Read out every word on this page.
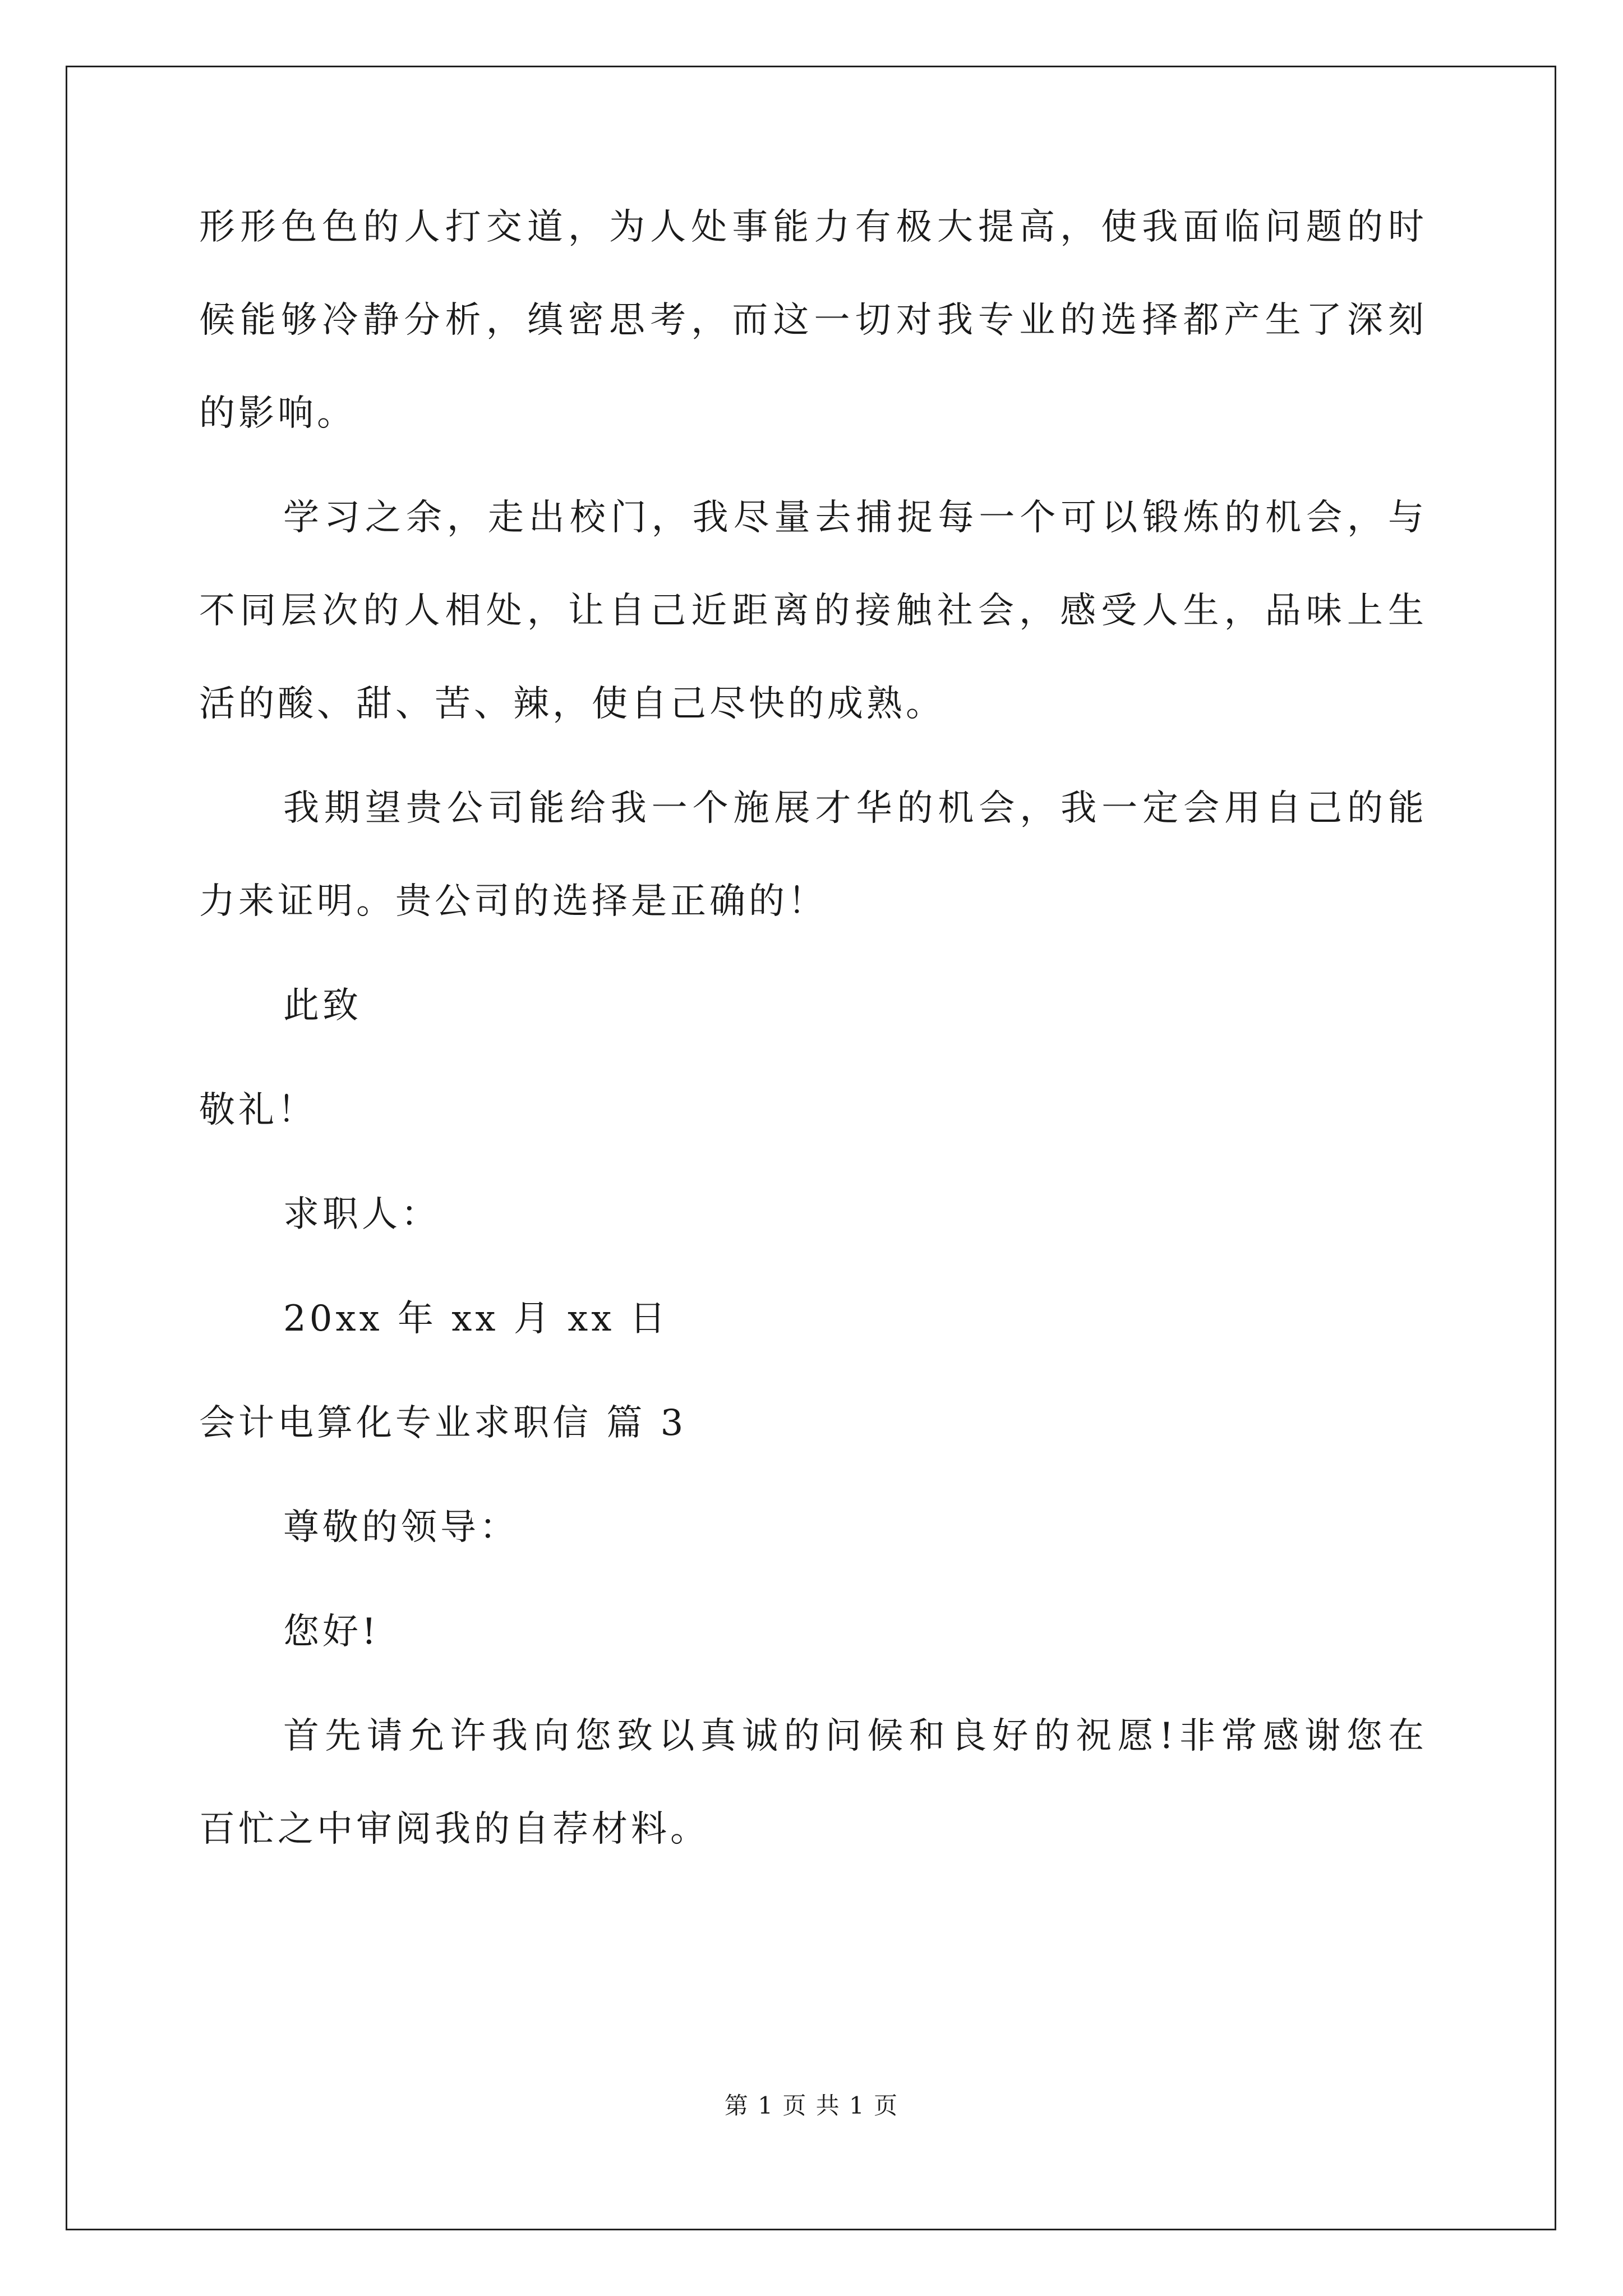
形形色色的人打交道，为人处事能力有极大提高，使我面临问题的时
候能够冷静分析，缜密思考，而这一切对我专业的选择都产生了深刻
的影响。
学习之余，走出校门，我尽量去捕捉每一个可以锻炼的机会，与
不同层次的人相处，让自己近距离的接触社会，感受人生，品味上生
活的酸、甜、苦、辣，使自己尽快的成熟。
我期望贵公司能给我一个施展才华的机会，我一定会用自己的能
力来证明。贵公司的选择是正确的！
此致
敬礼！
求职人：
20xx 年 xx 月 xx 日
会计电算化专业求职信 篇 3
尊敬的领导：
您好!
首先请允许我向您致以真诚的问候和良好的祝愿!非常感谢您在
百忙之中审阅我的自荐材料。
第 1 页 共 1 页
